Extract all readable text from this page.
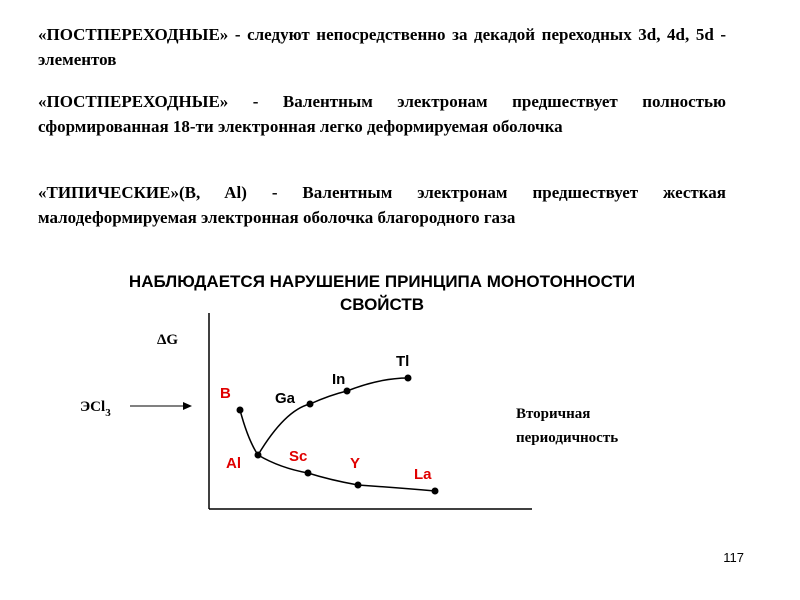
«ПОСТПЕРЕХОДНЫЕ» - следуют непосредственно за декадой переходных 3d, 4d, 5d - элементов

«ПОСТПЕРЕХОДНЫЕ» - Валентным электронам предшествует полностью сформированная 18-ти электронная легко деформируемая оболочка

«ТИПИЧЕСКИЕ»(B, Al) - Валентным электронам предшествует жесткая малодеформируемая электронная оболочка благородного газа

НАБЛЮДАЕТСЯ НАРУШЕНИЕ ПРИНЦИПА МОНОТОННОСТИ
СВОЙСТВ
ΔG
ЭCl$_3$
B
Al
Ga
In
Tl
Sc	Y
La
Вторичная
периодичность
117
